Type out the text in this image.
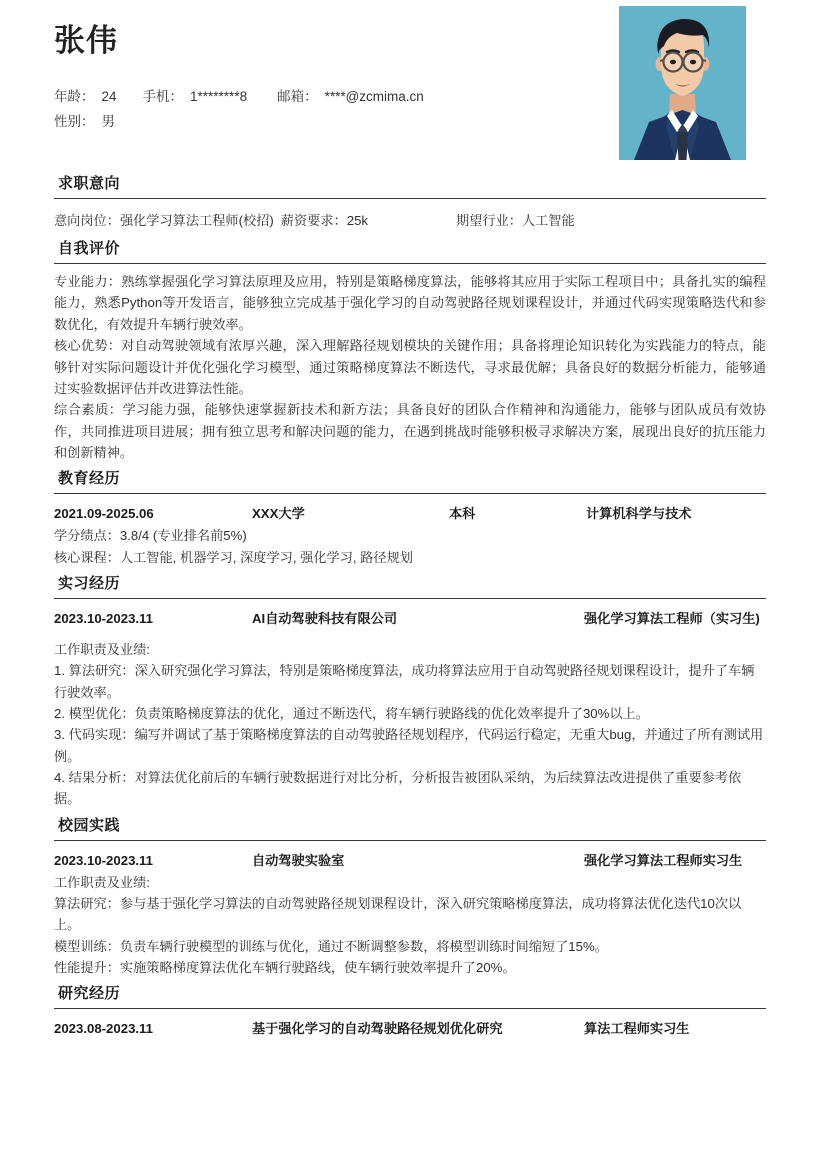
张伟
年龄： 24 手机： 1********8 邮箱： ****@zcmima.cn
性别： 男
求职意向
意向岗位：强化学习算法工程师(校招) 薪资要求：25k	期望行业：人工智能
自我评价

专业能力：熟练掌握强化学习算法原理及应用，特别是策略梯度算法，能够将其应用于实际工程项目中；具备扎实的编程能力，熟悉Python等开发语言，能够独立完成基于强化学习的自动驾驶路径规划课程设计，并通过代码实现策略迭代和参数优化，有效提升车辆行驶效率。

核心优势：对自动驾驶领域有浓厚兴趣，深入理解路径规划模块的关键作用；具备将理论知识转化为实践能力的特点，能够针对实际问题设计并优化强化学习模型，通过策略梯度算法不断迭代，寻求最优解；具备良好的数据分析能力，能够通过实验数据评估并改进算法性能。

综合素质：学习能力强，能够快速掌握新技术和新方法；具备良好的团队合作精神和沟通能力，能够与团队成员有效协作，共同推进项目进展；拥有独立思考和解决问题的能力，在遇到挑战时能够积极寻求解决方案，展现出良好的抗压能力和创新精神。

教育经历
2021.09-2025.06	XXX大学	本科	计算机科学与技术

学分绩点：3.8/4 (专业排名前5%)

核心课程：人工智能, 机器学习, 深度学习, 强化学习, 路径规划

实习经历
2023.10-2023.11	AI自动驾驶科技有限公司	强化学习算法工程师（实习生)

工作职责及业绩:

1. 算法研究：深入研究强化学习算法，特别是策略梯度算法，成功将算法应用于自动驾驶路径规划课程设计，提升了车辆行驶效率。

2. 模型优化：负责策略梯度算法的优化，通过不断迭代，将车辆行驶路线的优化效率提升了30%以上。

3. 代码实现：编写并调试了基于策略梯度算法的自动驾驶路径规划程序，代码运行稳定，无重大bug，并通过了所有测试用例。

4. 结果分析：对算法优化前后的车辆行驶数据进行对比分析，分析报告被团队采纳，为后续算法改进提供了重要参考依据。

校园实践
2023.10-2023.11	自动驾驶实验室	强化学习算法工程师实习生

工作职责及业绩:

算法研究：参与基于强化学习算法的自动驾驶路径规划课程设计，深入研究策略梯度算法，成功将算法优化迭代10次以上。

模型训练：负责车辆行驶模型的训练与优化，通过不断调整参数，将模型训练时间缩短了15%。

性能提升：实施策略梯度算法优化车辆行驶路线，使车辆行驶效率提升了20%。

研究经历
2023.08-2023.11	基于强化学习的自动驾驶路径规划优化研究	算法工程师实习生
